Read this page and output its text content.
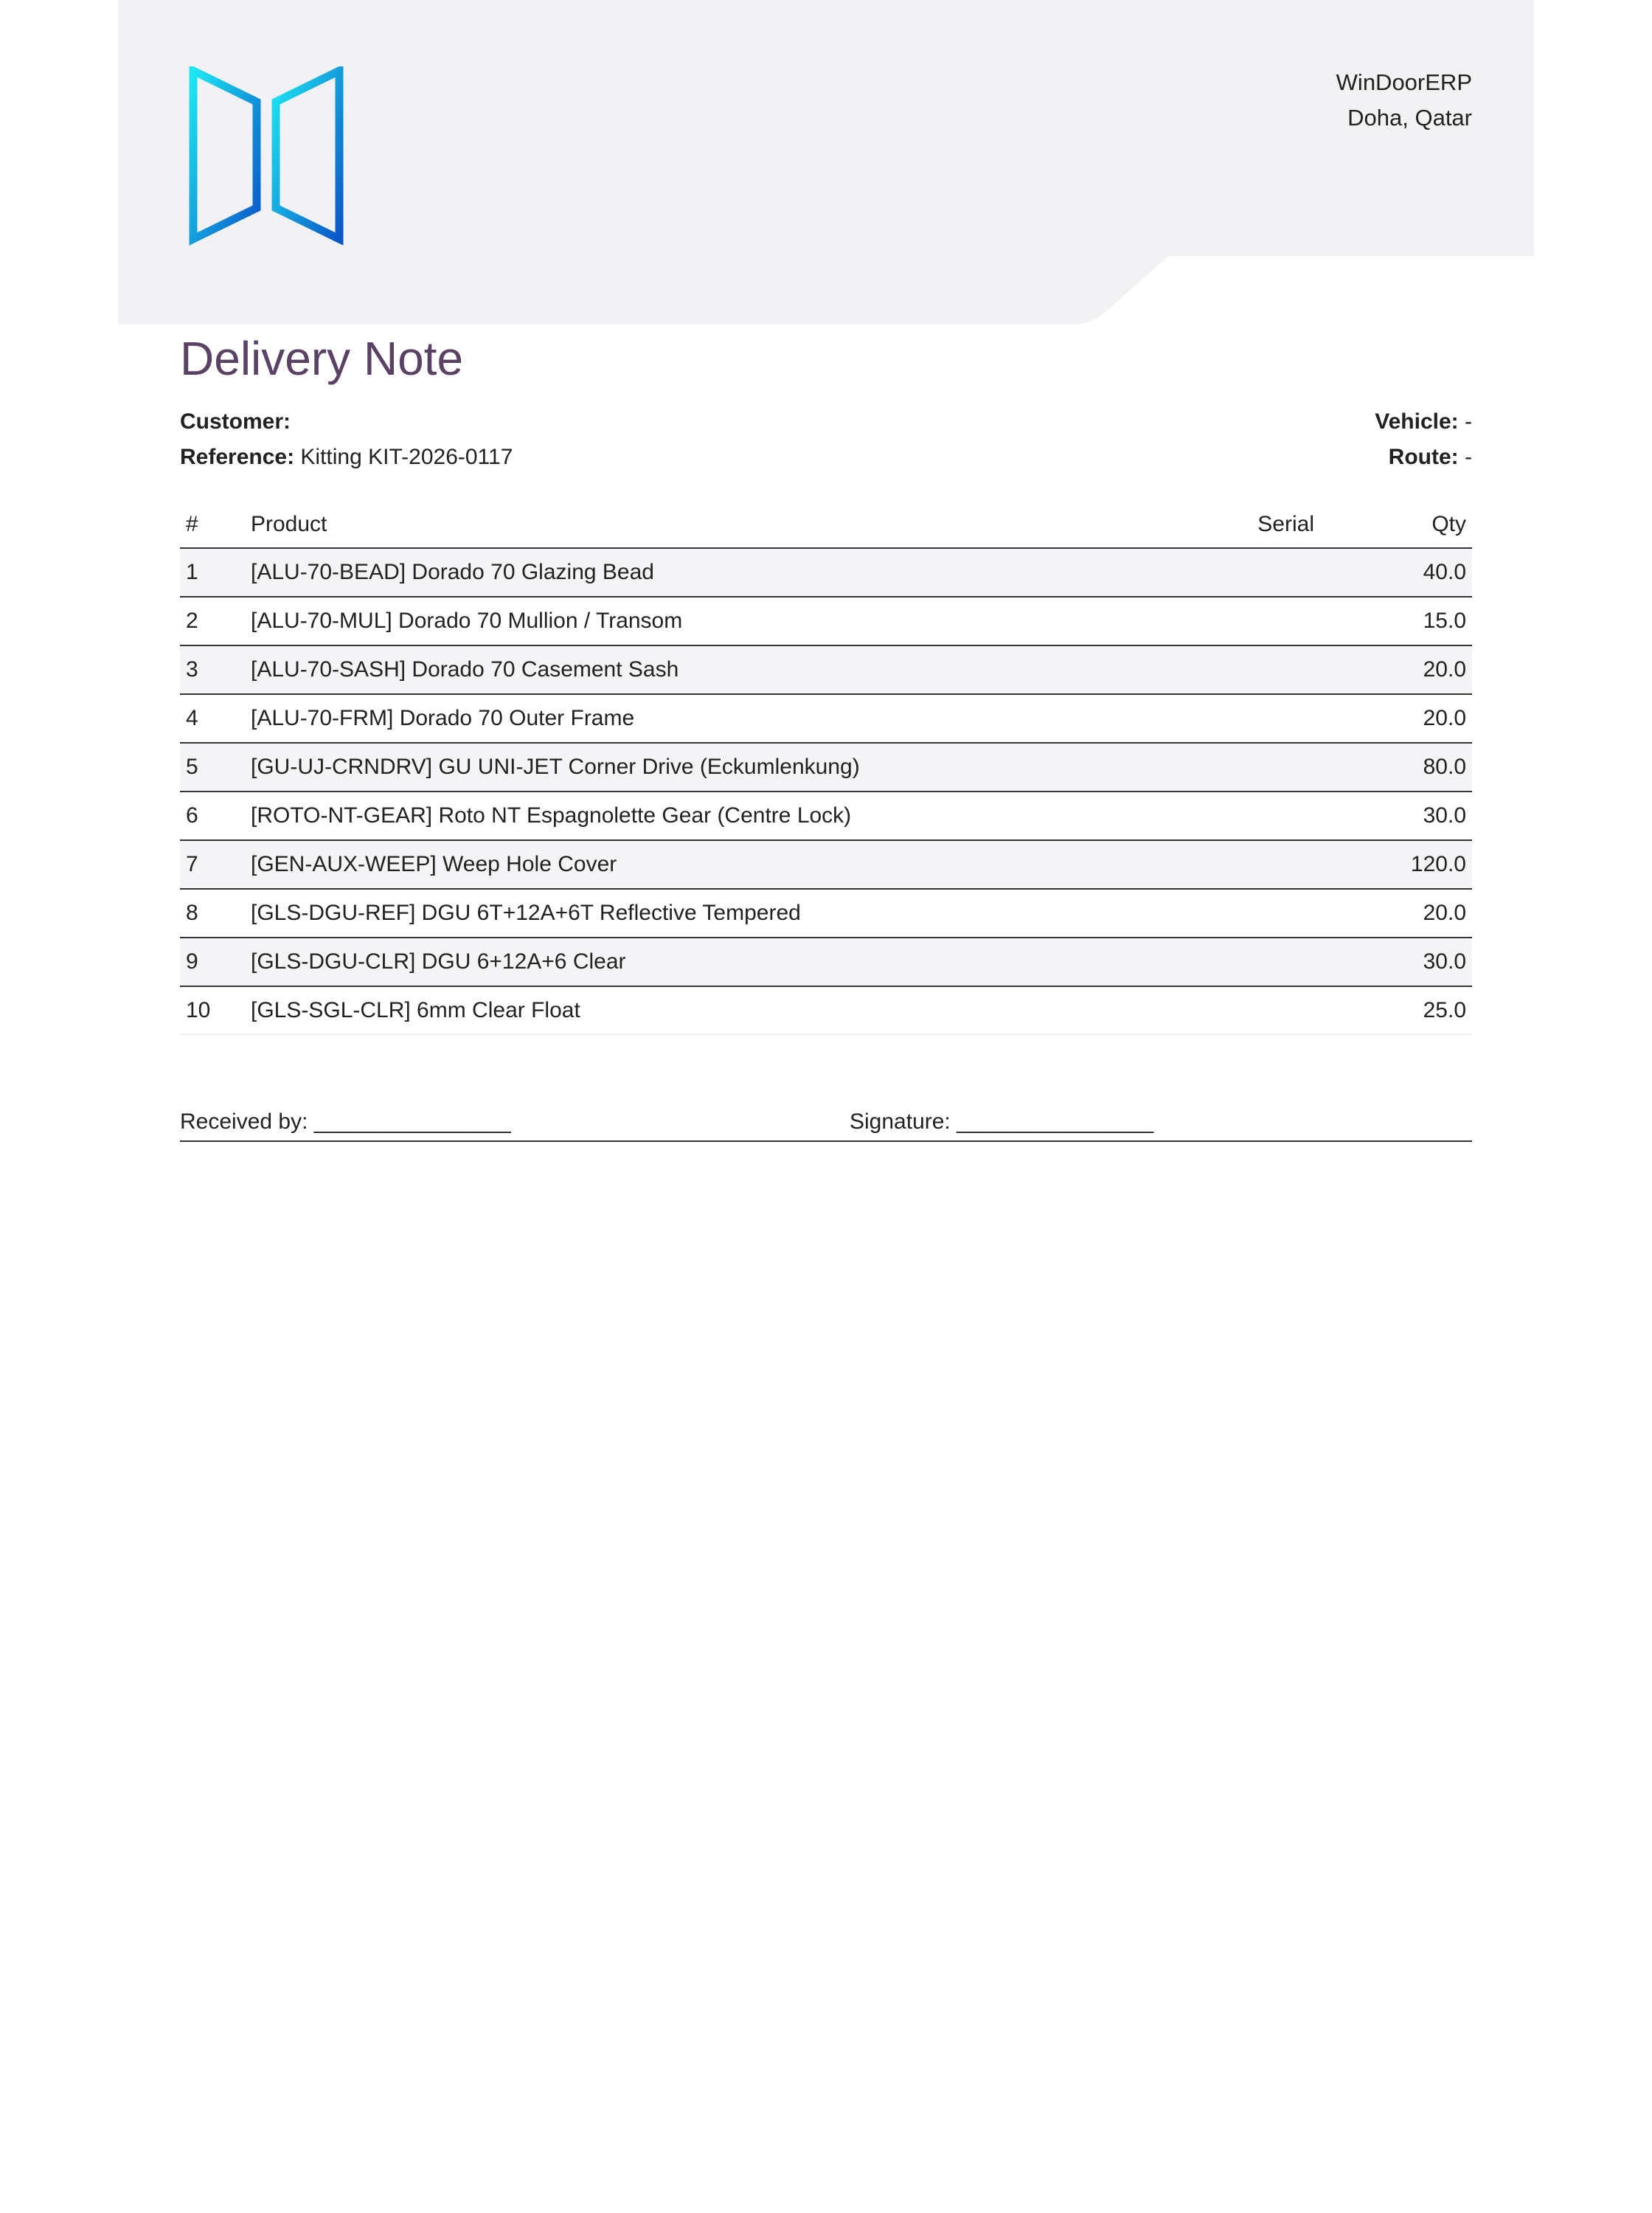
WinDoorERP
Doha, Qatar
Delivery Note
Customer:	Vehicle: -
Reference: Kitting KIT-2026-0117	Route: -
#	Product	Serial	Qty
1	[ALU-70-BEAD] Dorado 70 Glazing Bead		40.0
2	[ALU-70-MUL] Dorado 70 Mullion / Transom		15.0
3	[ALU-70-SASH] Dorado 70 Casement Sash		20.0
4	[ALU-70-FRM] Dorado 70 Outer Frame		20.0
5	[GU-UJ-CRNDRV] GU UNI-JET Corner Drive (Eckumlenkung)		80.0
6	[ROTO-NT-GEAR] Roto NT Espagnolette Gear (Centre Lock)		30.0
7	[GEN-AUX-WEEP] Weep Hole Cover		120.0
8	[GLS-DGU-REF] DGU 6T+12A+6T Reflective Tempered		20.0
9	[GLS-DGU-CLR] DGU 6+12A+6 Clear		30.0
10	[GLS-SGL-CLR] 6mm Clear Float		25.0
Received by: ________________	Signature: ________________
